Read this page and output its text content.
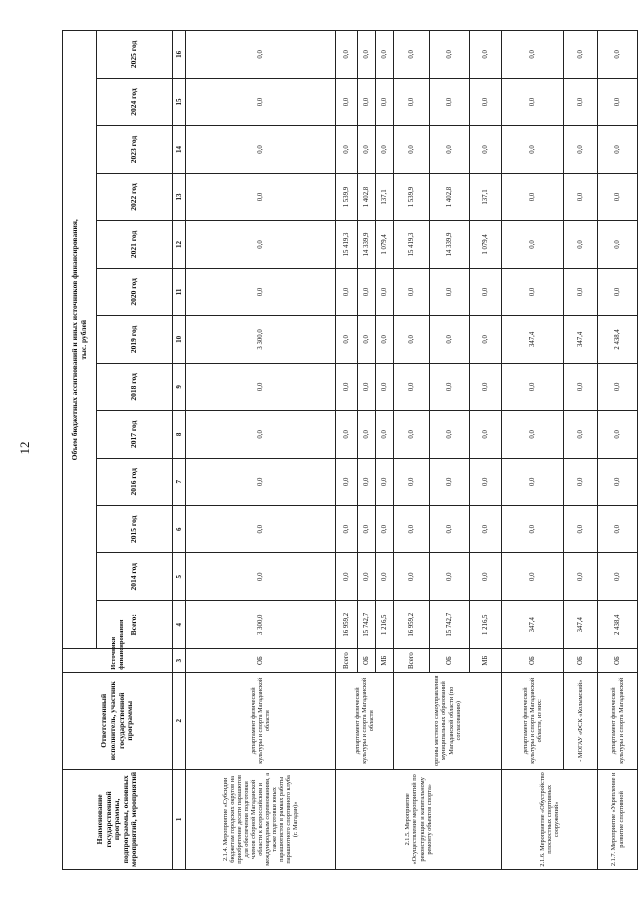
12
Наименование государственной программы, подпрограммы, основных мероприятий, мероприятий	Ответственный исполнитель, участник государственной программы	Источники финансирования	Объем бюджетных ассигнований и иных источников финансирования, тыс. рублей												

			Всего:	2014 год	2015 год	2016 год	2017 год	2018 год	2019 год	2020 год	2021 год	2022 год	2023 год	2024 год	2025 год
1	2	3	4	5	6	7	8	9	10	11	12	13	14	15	16

2.1.4. Мероприятие «Субсидии бюджетам городских округов на приобретение десяти парашютов для обеспечения подготовки членов сборной Магаданской области к всероссийским и международным соревнованиям, а также подготовки юных парашютистов в рамках работы парашютного спортивного клуба (г. Магадан)»	департамент физической культуры и спорта Магаданской области	ОБ	3 300,0	0,0	0,0	0,0	0,0	0,0	3 300,0	0,0	0,0	0,0	0,0	0,0	0,0

2.1.5. Мероприятие «Осуществление мероприятий по реконструкции и капитальному ремонту объектов спорта»	департамент физической культуры и спорта Магаданской области	Всего	16 959,2	0,0	0,0	0,0	0,0	0,0	0,0	0,0	15 419,3	1 539,9	0,0	0,0	0,0
		ОБ	15 742,7	0,0	0,0	0,0	0,0	0,0	0,0	0,0	14 339,9	1 402,8	0,0	0,0	0,0
		МБ	1 216,5	0,0	0,0	0,0	0,0	0,0	0,0	0,0	1 079,4	137,1	0,0	0,0	0,0
	органы местного самоуправления муниципальных образований Магаданской области (по согласованию)	Всего	16 959,2	0,0	0,0	0,0	0,0	0,0	0,0	0,0	15 419,3	1 539,9	0,0	0,0	0,0
		ОБ	15 742,7	0,0	0,0	0,0	0,0	0,0	0,0	0,0	14 339,9	1 402,8	0,0	0,0	0,0
		МБ	1 216,5	0,0	0,0	0,0	0,0	0,0	0,0	0,0	1 079,4	137,1	0,0	0,0	0,0

2.1.6. Мероприятие «Обустройство плоскостных спортивных сооружений»	департамент физической культуры и спорта Магаданской области, из них:	ОБ	347,4	0,0	0,0	0,0	0,0	0,0	347,4	0,0	0,0	0,0	0,0	0,0	0,0
	- МОГАУ «ФСК «Колымский»	ОБ	347,4	0,0	0,0	0,0	0,0	0,0	347,4	0,0	0,0	0,0	0,0	0,0	0,0

2.1.7. Мероприятие «Укрепление и развитие спортивной	департамент физической культуры и спорта Магаданской	ОБ	2 438,4	0,0	0,0	0,0	0,0	0,0	2 438,4	0,0	0,0	0,0	0,0	0,0	0,0
